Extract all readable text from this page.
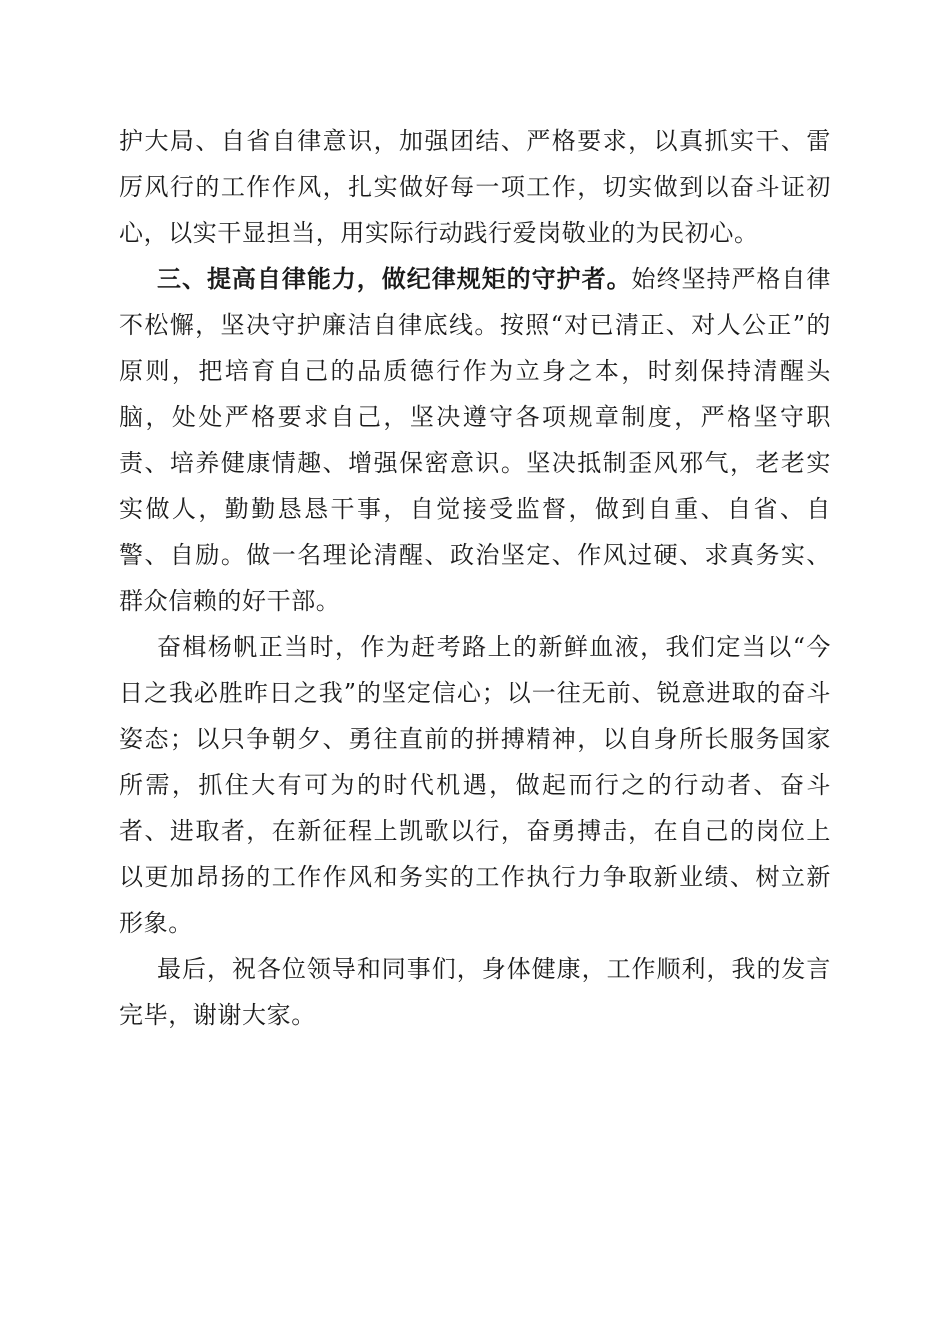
护大局、自省自律意识，加强团结、严格要求，以真抓实干、雷厉风行的工作作风，扎实做好每一项工作，切实做到以奋斗证初心，以实干显担当，用实际行动践行爱岗敬业的为民初心。

三、提高自律能力，做纪律规矩的守护者。始终坚持严格自律不松懈，坚决守护廉洁自律底线。按照“对已清正、对人公正”的原则，把培育自己的品质德行作为立身之本，时刻保持清醒头脑，处处严格要求自己，坚决遵守各项规章制度，严格坚守职责、培养健康情趣、增强保密意识。坚决抵制歪风邪气，老老实实做人，勤勤恳恳干事，自觉接受监督，做到自重、自省、自警、自励。做一名理论清醒、政治坚定、作风过硬、求真务实、群众信赖的好干部。

奋楫杨帆正当时，作为赶考路上的新鲜血液，我们定当以“今日之我必胜昨日之我”的坚定信心；以一往无前、锐意进取的奋斗姿态；以只争朝夕、勇往直前的拼搏精神，以自身所长服务国家所需，抓住大有可为的时代机遇，做起而行之的行动者、奋斗者、进取者，在新征程上凯歌以行，奋勇搏击，在自己的岗位上以更加昂扬的工作作风和务实的工作执行力争取新业绩、树立新形象。

最后，祝各位领导和同事们，身体健康，工作顺利，我的发言完毕，谢谢大家。
